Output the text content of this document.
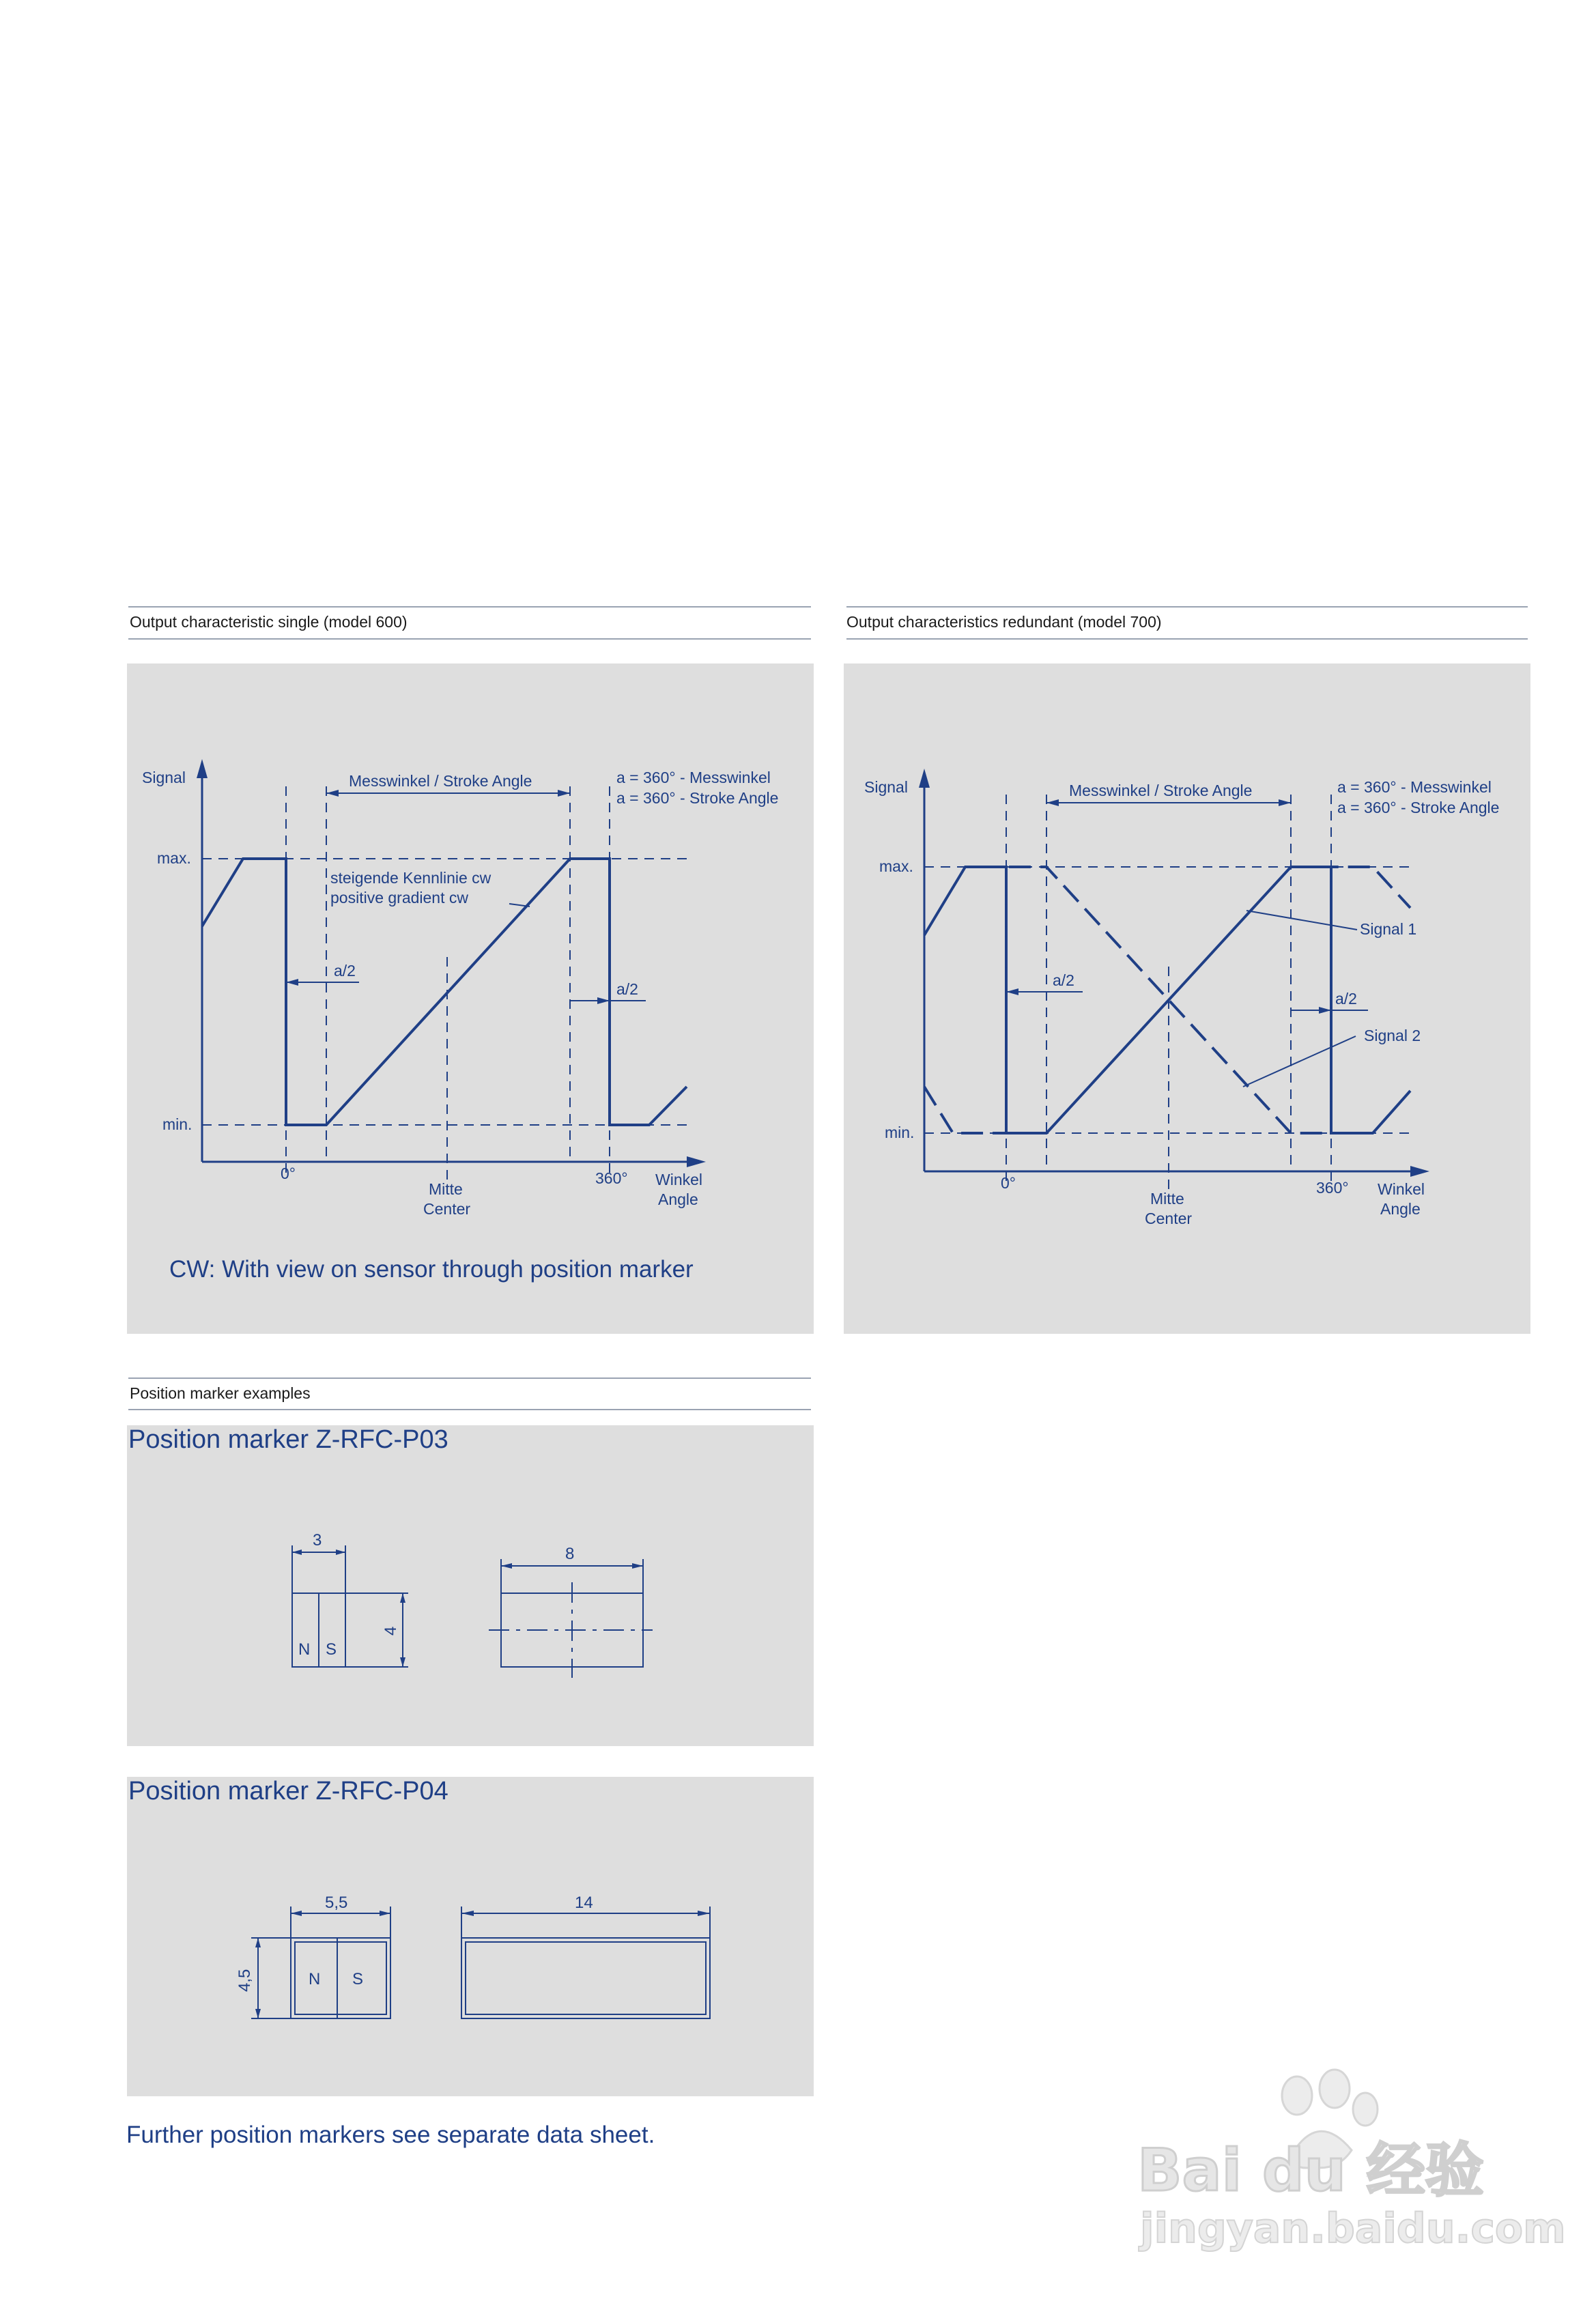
Output characteristic single (model 600)
Signal
max.
min.
Messwinkel / Stroke Angle	a = 360° - Messwinkel
a = 360° - Stroke Angle
steigende Kennlinie cw
positive gradient cw
a/2
a/2
0°	360°
Mitte
Center
Winkel
Angle
CW: With view on sensor through position marker
Output characteristics redundant (model 700)
Signal
max.
min.
Messwinkel / Stroke Angle	a = 360° - Messwinkel
a = 360° - Stroke Angle
Signal 1
Signal 2
a/2
a/2
0°	360°
Mitte
Center
Winkel
Angle
Position marker examples
Position marker Z-RFC-P03
3
8
4
N S
Position marker Z-RFC-P04
5,5	14
4,5	N S
Further position markers see separate data sheet.
Bai du 经验
jingyan.baidu.com
